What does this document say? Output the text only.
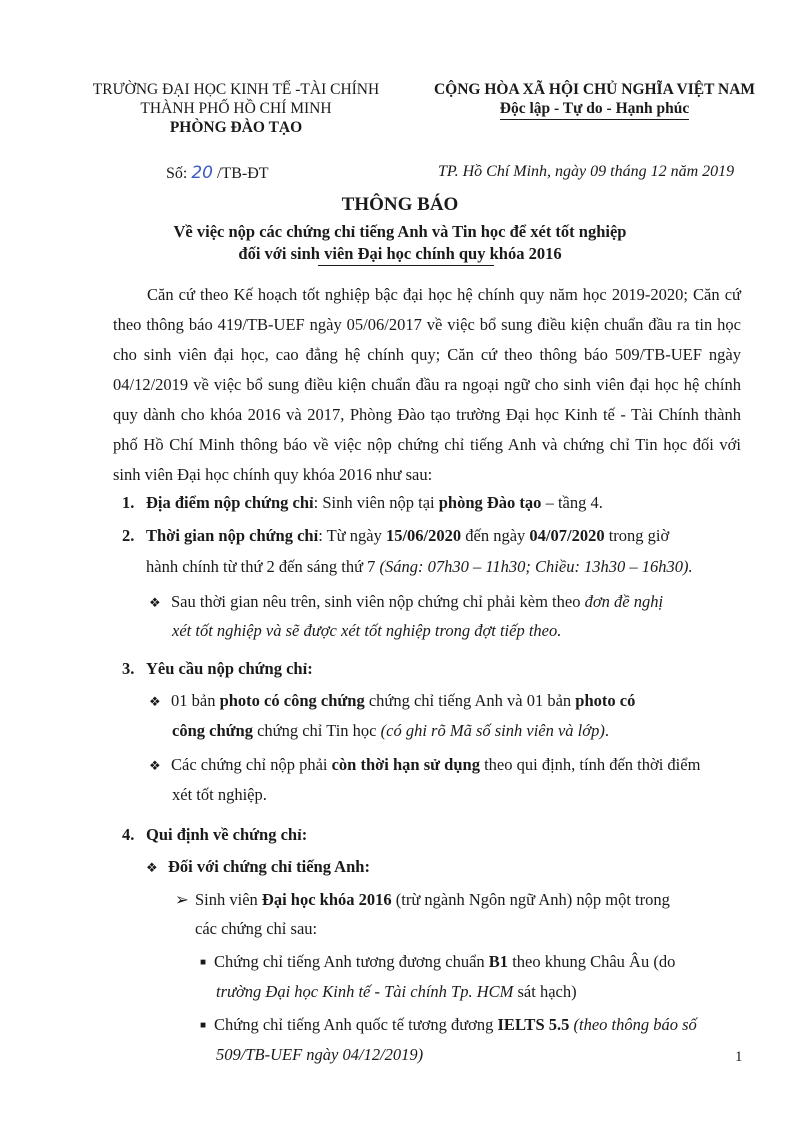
TRƯỜNG ĐẠI HỌC KINH TẾ -TÀI CHÍNH
THÀNH PHỐ HỒ CHÍ MINH
PHÒNG ĐÀO TẠO
CỘNG HÒA XÃ HỘI CHỦ NGHĨA VIỆT NAM
Độc lập - Tự do - Hạnh phúc
Số: 20 /TB-ĐT	TP. Hồ Chí Minh, ngày 09 tháng 12 năm 2019
THÔNG BÁO
Về việc nộp các chứng chỉ tiếng Anh và Tin học để xét tốt nghiệp
đối với sinh viên Đại học chính quy khóa 2016

Căn cứ theo Kế hoạch tốt nghiệp bậc đại học hệ chính quy năm học 2019-2020; Căn cứ theo thông báo 419/TB-UEF ngày 05/06/2017 về việc bổ sung điều kiện chuẩn đầu ra tin học cho sinh viên đại học, cao đẳng hệ chính quy; Căn cứ theo thông báo 509/TB-UEF ngày 04/12/2019 về việc bổ sung điều kiện chuẩn đầu ra ngoại ngữ cho sinh viên đại học hệ chính quy dành cho khóa 2016 và 2017, Phòng Đào tạo trường Đại học Kinh tế - Tài Chính thành phố Hồ Chí Minh thông báo về việc nộp chứng chỉ tiếng Anh và chứng chỉ Tin học đối với sinh viên Đại học chính quy khóa 2016 như sau:

1. Địa điểm nộp chứng chỉ: Sinh viên nộp tại phòng Đào tạo – tầng 4.
2. Thời gian nộp chứng chỉ: Từ ngày 15/06/2020 đến ngày 04/07/2020 trong giờ
hành chính từ thứ 2 đến sáng thứ 7 (Sáng: 07h30 – 11h30; Chiều: 13h30 – 16h30).
❖ Sau thời gian nêu trên, sinh viên nộp chứng chỉ phải kèm theo đơn đề nghị
xét tốt nghiệp và sẽ được xét tốt nghiệp trong đợt tiếp theo.
3. Yêu cầu nộp chứng chỉ:
❖ 01 bản photo có công chứng chứng chỉ tiếng Anh và 01 bản photo có
công chứng chứng chỉ Tin học (có ghi rõ Mã số sinh viên và lớp).
❖ Các chứng chỉ nộp phải còn thời hạn sử dụng theo qui định, tính đến thời điểm
xét tốt nghiệp.
4. Qui định về chứng chỉ:
❖ Đối với chứng chỉ tiếng Anh:
➢ Sinh viên Đại học khóa 2016 (trừ ngành Ngôn ngữ Anh) nộp một trong
các chứng chỉ sau:
■ Chứng chỉ tiếng Anh tương đương chuẩn B1 theo khung Châu Âu (do
trường Đại học Kinh tế - Tài chính Tp. HCM sát hạch)
■ Chứng chỉ tiếng Anh quốc tế tương đương IELTS 5.5 (theo thông báo số
509/TB-UEF ngày 04/12/2019)	1
